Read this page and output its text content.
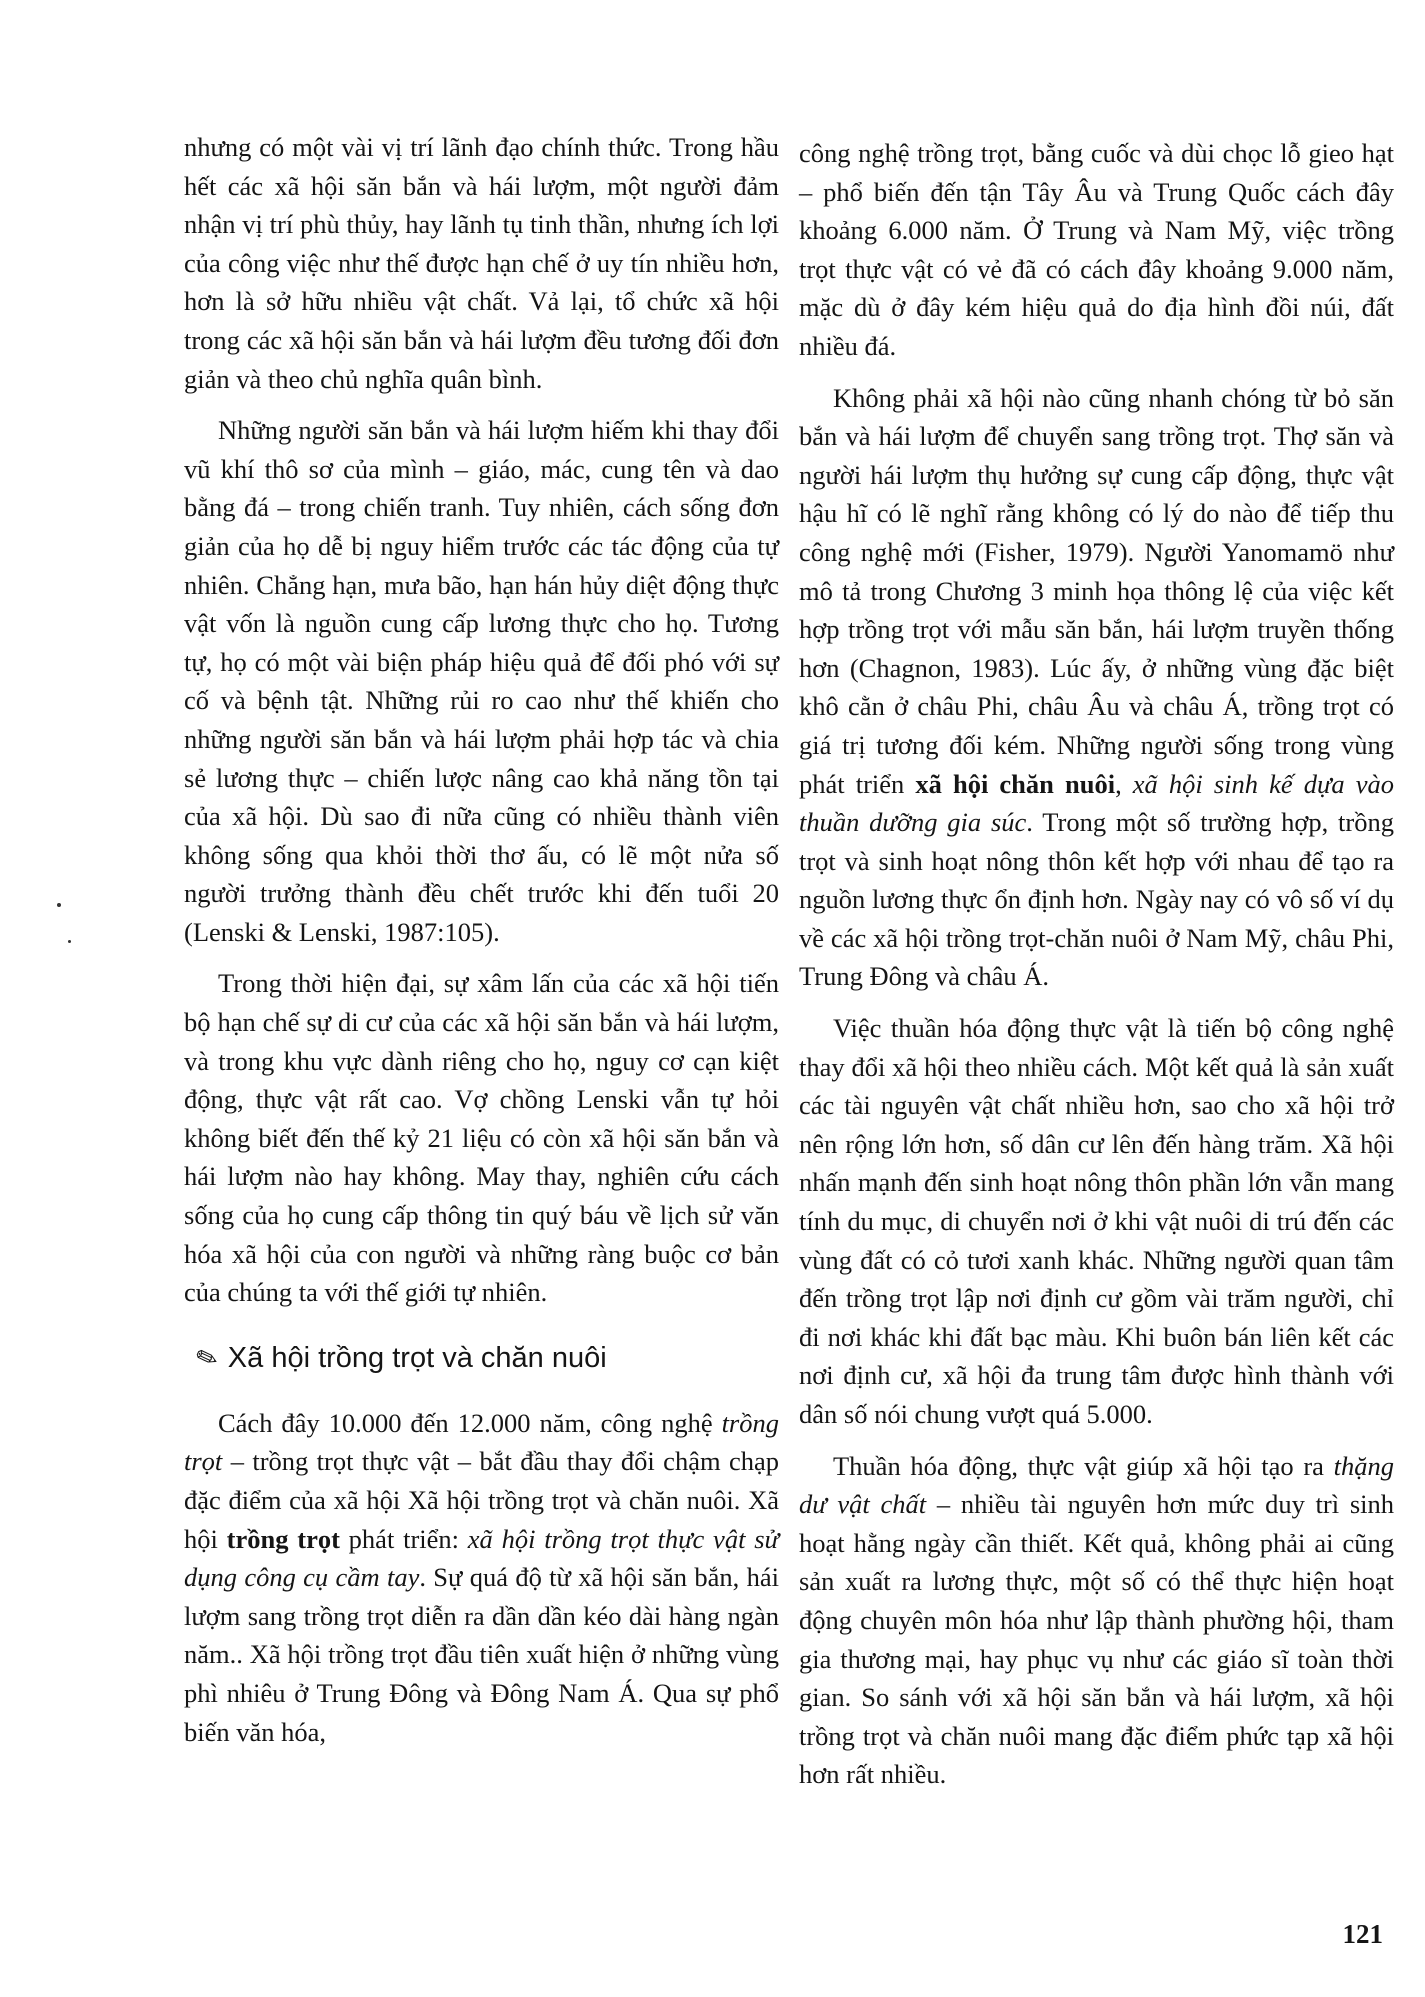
nhưng có một vài vị trí lãnh đạo chính thức. Trong hầu hết các xã hội săn bắn và hái lượm, một người đảm nhận vị trí phù thủy, hay lãnh tụ tinh thần, nhưng ích lợi của công việc như thế được hạn chế ở uy tín nhiều hơn, hơn là sở hữu nhiều vật chất. Vả lại, tổ chức xã hội trong các xã hội săn bắn và hái lượm đều tương đối đơn giản và theo chủ nghĩa quân bình.

Những người săn bắn và hái lượm hiếm khi thay đổi vũ khí thô sơ của mình – giáo, mác, cung tên và dao bằng đá – trong chiến tranh. Tuy nhiên, cách sống đơn giản của họ dễ bị nguy hiểm trước các tác động của tự nhiên. Chẳng hạn, mưa bão, hạn hán hủy diệt động thực vật vốn là nguồn cung cấp lương thực cho họ. Tương tự, họ có một vài biện pháp hiệu quả để đối phó với sự cố và bệnh tật. Những rủi ro cao như thế khiến cho những người săn bắn và hái lượm phải hợp tác và chia sẻ lương thực – chiến lược nâng cao khả năng tồn tại của xã hội. Dù sao đi nữa cũng có nhiều thành viên không sống qua khỏi thời thơ ấu, có lẽ một nửa số người trưởng thành đều chết trước khi đến tuổi 20 (Lenski & Lenski, 1987:105).

Trong thời hiện đại, sự xâm lấn của các xã hội tiến bộ hạn chế sự di cư của các xã hội săn bắn và hái lượm, và trong khu vực dành riêng cho họ, nguy cơ cạn kiệt động, thực vật rất cao. Vợ chồng Lenski vẫn tự hỏi không biết đến thế kỷ 21 liệu có còn xã hội săn bắn và hái lượm nào hay không. May thay, nghiên cứu cách sống của họ cung cấp thông tin quý báu về lịch sử văn hóa xã hội của con người và những ràng buộc cơ bản của chúng ta với thế giới tự nhiên.

✎ Xã hội trồng trọt và chăn nuôi

Cách đây 10.000 đến 12.000 năm, công nghệ trồng trọt – trồng trọt thực vật – bắt đầu thay đổi chậm chạp đặc điểm của xã hội Xã hội trồng trọt và chăn nuôi. Xã hội trồng trọt phát triển: xã hội trồng trọt thực vật sử dụng công cụ cầm tay. Sự quá độ từ xã hội săn bắn, hái lượm sang trồng trọt diễn ra dần dần kéo dài hàng ngàn năm.. Xã hội trồng trọt đầu tiên xuất hiện ở những vùng phì nhiêu ở Trung Đông và Đông Nam Á. Qua sự phổ biến văn hóa,

công nghệ trồng trọt, bằng cuốc và dùi chọc lỗ gieo hạt – phổ biến đến tận Tây Âu và Trung Quốc cách đây khoảng 6.000 năm. Ở Trung và Nam Mỹ, việc trồng trọt thực vật có vẻ đã có cách đây khoảng 9.000 năm, mặc dù ở đây kém hiệu quả do địa hình đồi núi, đất nhiều đá.

Không phải xã hội nào cũng nhanh chóng từ bỏ săn bắn và hái lượm để chuyển sang trồng trọt. Thợ săn và người hái lượm thụ hưởng sự cung cấp động, thực vật hậu hĩ có lẽ nghĩ rằng không có lý do nào để tiếp thu công nghệ mới (Fisher, 1979). Người Yanomamö như mô tả trong Chương 3 minh họa thông lệ của việc kết hợp trồng trọt với mẫu săn bắn, hái lượm truyền thống hơn (Chagnon, 1983). Lúc ấy, ở những vùng đặc biệt khô cằn ở châu Phi, châu Âu và châu Á, trồng trọt có giá trị tương đối kém. Những người sống trong vùng phát triển xã hội chăn nuôi, xã hội sinh kế dựa vào thuần dưỡng gia súc. Trong một số trường hợp, trồng trọt và sinh hoạt nông thôn kết hợp với nhau để tạo ra nguồn lương thực ổn định hơn. Ngày nay có vô số ví dụ về các xã hội trồng trọt-chăn nuôi ở Nam Mỹ, châu Phi, Trung Đông và châu Á.

Việc thuần hóa động thực vật là tiến bộ công nghệ thay đổi xã hội theo nhiều cách. Một kết quả là sản xuất các tài nguyên vật chất nhiều hơn, sao cho xã hội trở nên rộng lớn hơn, số dân cư lên đến hàng trăm. Xã hội nhấn mạnh đến sinh hoạt nông thôn phần lớn vẫn mang tính du mục, di chuyển nơi ở khi vật nuôi di trú đến các vùng đất có cỏ tươi xanh khác. Những người quan tâm đến trồng trọt lập nơi định cư gồm vài trăm người, chỉ đi nơi khác khi đất bạc màu. Khi buôn bán liên kết các nơi định cư, xã hội đa trung tâm được hình thành với dân số nói chung vượt quá 5.000.

Thuần hóa động, thực vật giúp xã hội tạo ra thặng dư vật chất – nhiều tài nguyên hơn mức duy trì sinh hoạt hằng ngày cần thiết. Kết quả, không phải ai cũng sản xuất ra lương thực, một số có thể thực hiện hoạt động chuyên môn hóa như lập thành phường hội, tham gia thương mại, hay phục vụ như các giáo sĩ toàn thời gian. So sánh với xã hội săn bắn và hái lượm, xã hội trồng trọt và chăn nuôi mang đặc điểm phức tạp xã hội hơn rất nhiều.

121
